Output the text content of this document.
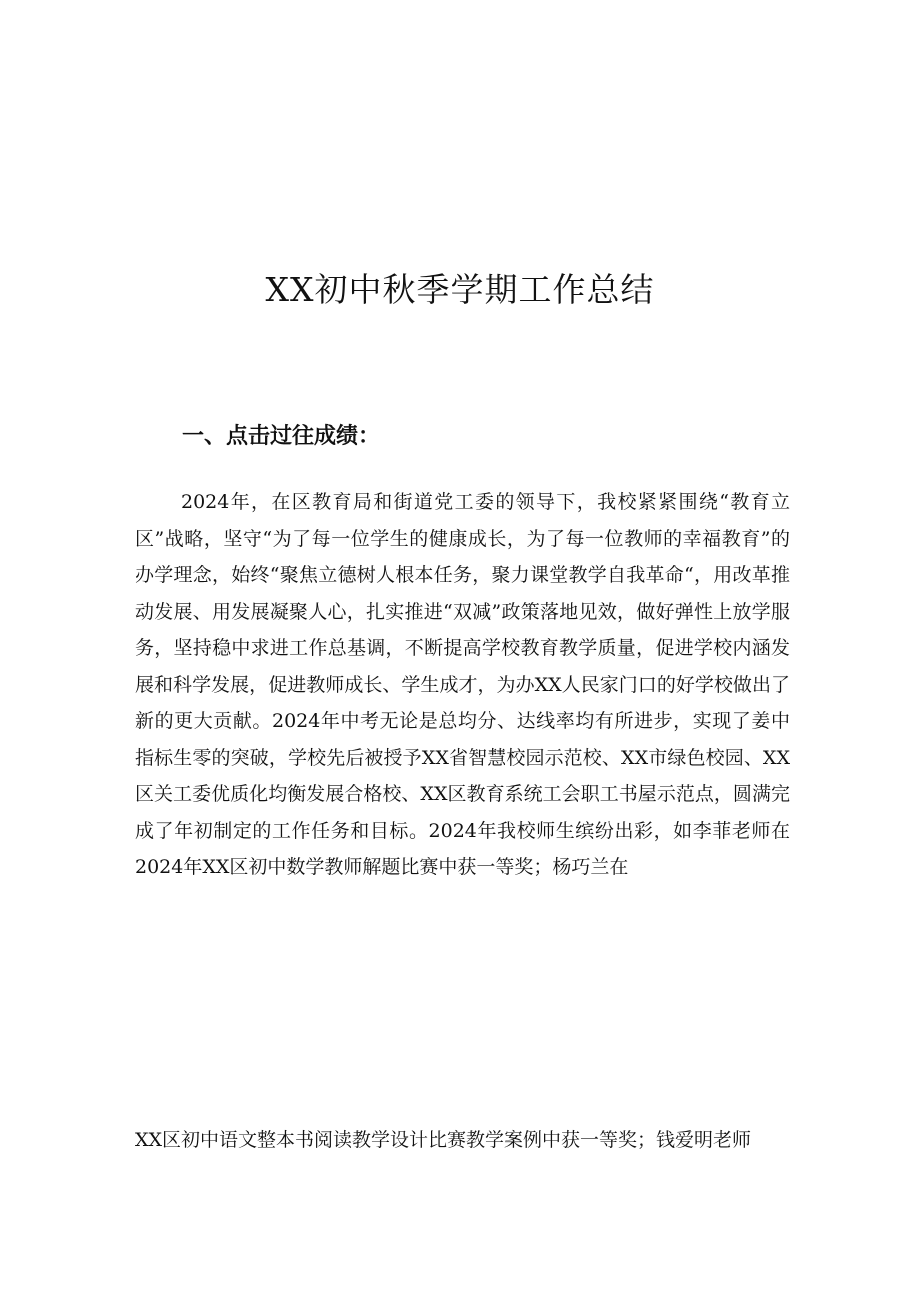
XX初中秋季学期工作总结
一、点击过往成绩：

2024年，在区教育局和街道党工委的领导下，我校紧紧围绕“教育立区”战略，坚守“为了每一位学生的健康成长，为了每一位教师的幸福教育”的办学理念，始终“聚焦立德树人根本任务，聚力课堂教学自我革命“，用改革推动发展、用发展凝聚人心，扎实推进“双减”政策落地见效，做好弹性上放学服务，坚持稳中求进工作总基调，不断提高学校教育教学质量，促进学校内涵发展和科学发展，促进教师成长、学生成才，为办XX人民家门口的好学校做出了新的更大贡献。2024年中考无论是总均分、达线率均有所进步，实现了姜中指标生零的突破，学校先后被授予XX省智慧校园示范校、XX市绿色校园、XX区关工委优质化均衡发展合格校、XX区教育系统工会职工书屋示范点，圆满完成了年初制定的工作任务和目标。2024年我校师生缤纷出彩，如李菲老师在2024年XX区初中数学教师解题比赛中获一等奖；杨巧兰在

XX区初中语文整本书阅读教学设计比赛教学案例中获一等奖；钱爱明老师
